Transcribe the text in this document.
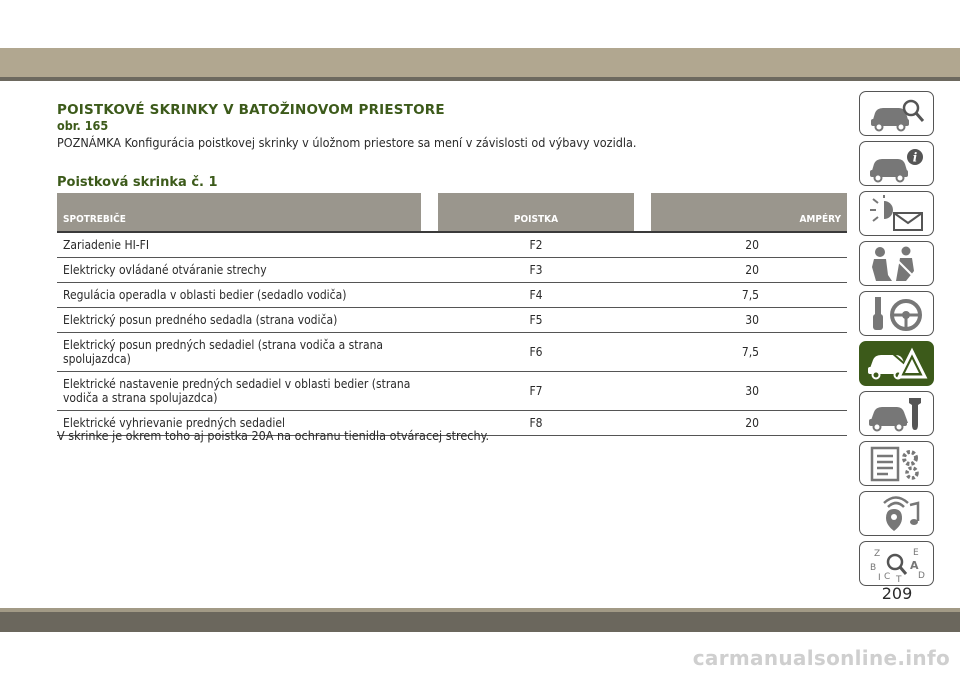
POISTKOVÉ SKRINKY V BATOŽINOVOM PRIESTORE
obr. 165
POZNÁMKA Konfigurácia poistkovej skrinky v úložnom priestore sa mení v závislosti od výbavy vozidla.
Poistková skrinka č. 1
SPOTREBIČE		POISTKA		AMPÉRY
Zariadenie HI-FI		F2		20
Elektricky ovládané otváranie strechy		F3		20
Regulácia operadla v oblasti bedier (sedadlo vodiča)		F4		7,5
Elektrický posun predného sedadla (strana vodiča)		F5		30
Elektrický posun predných sedadiel (strana vodiča a strana spolujazdca)		F6		7,5
Elektrické nastavenie predných sedadiel v oblasti bedier (strana vodiča a strana spolujazdca)		F7		30
Elektrické vyhrievanie predných sedadiel		F8		20
V skrinke je okrem toho aj poistka 20A na ochranu tienidla otváracej strechy.
i
Z	E
B	A
I C T D
209
carmanualsonline.info
